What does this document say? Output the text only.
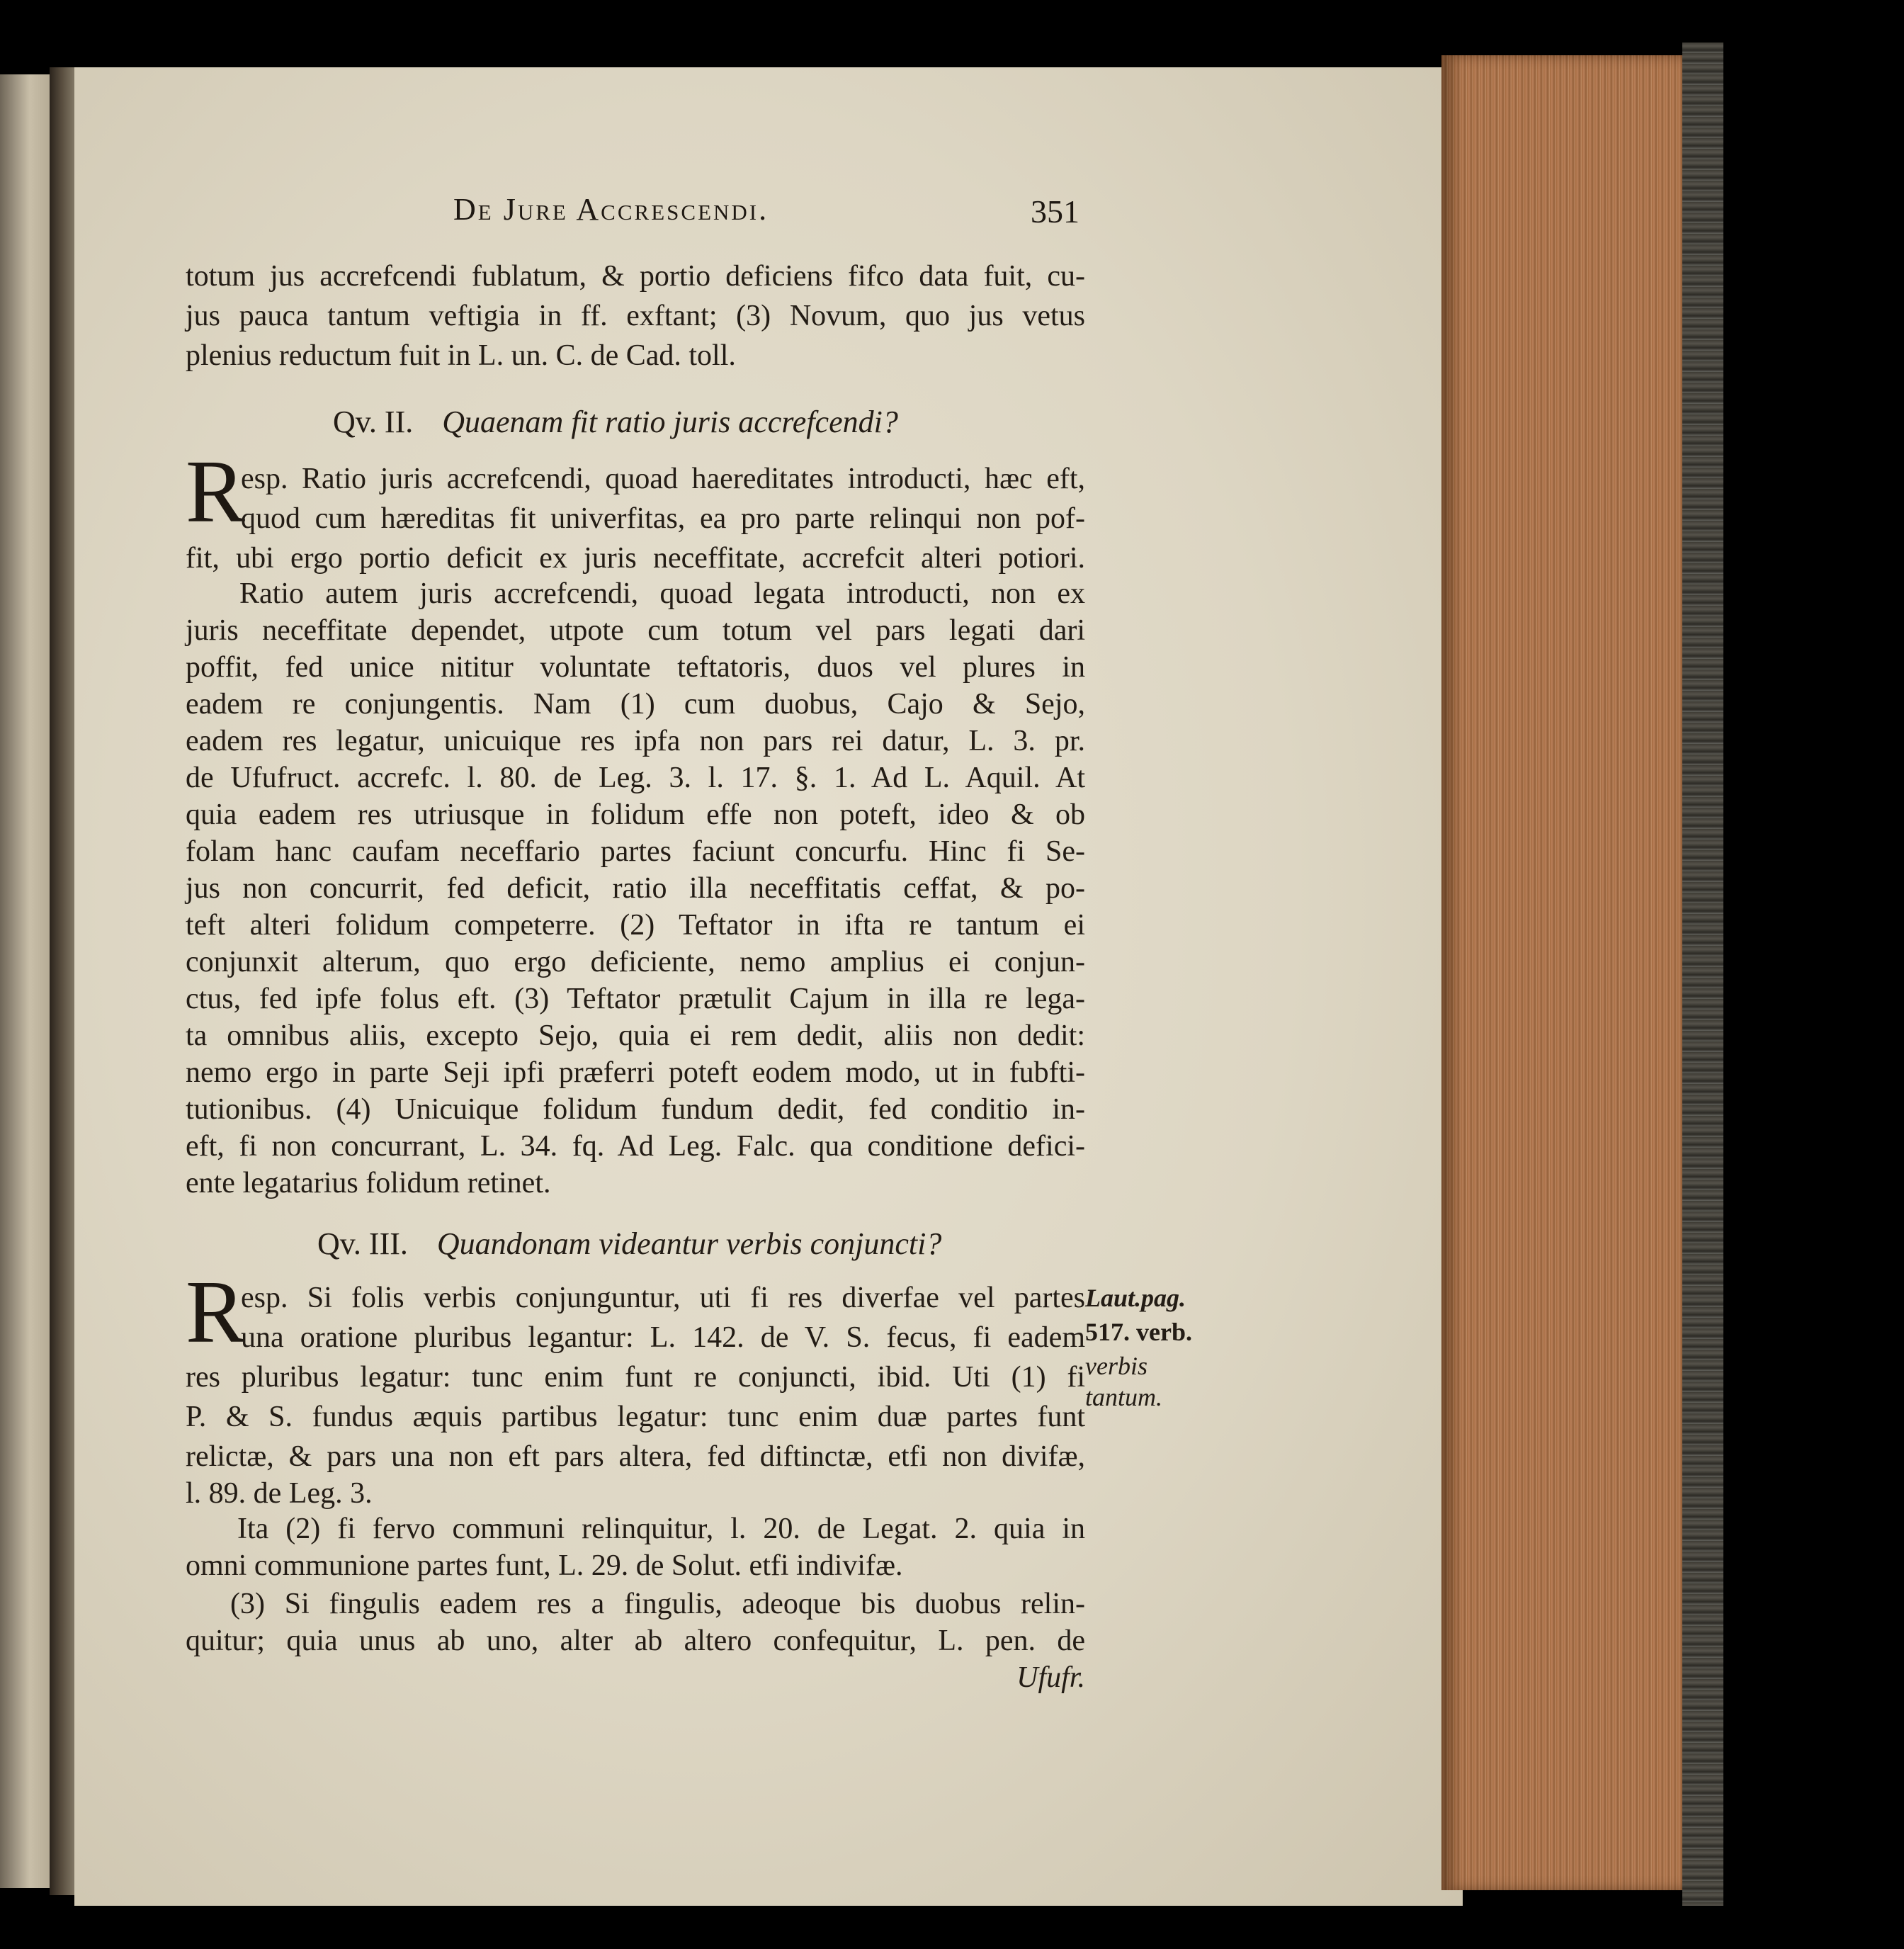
De Jure Accrescendi.	351
totum jus accrefcendi fublatum, & portio deficiens fifco data fuit, cu-
jus pauca tantum veftigia in ff. exftant; (3) Novum, quo jus vetus
plenius reductum fuit in L. un. C. de Cad. toll.
Qv. II. Quaenam fit ratio juris accrefcendi?
R
esp. Ratio juris accrefcendi, quoad haereditates introducti, hæc eft,
quod cum hæreditas fit univerfitas, ea pro parte relinqui non pof-
fit, ubi ergo portio deficit ex juris neceffitate, accrefcit alteri potiori.
Ratio autem juris accrefcendi, quoad legata introducti, non ex
juris neceffitate dependet, utpote cum totum vel pars legati dari
poffit, fed unice nititur voluntate teftatoris, duos vel plures in
eadem re conjungentis. Nam (1) cum duobus, Cajo & Sejo,
eadem res legatur, unicuique res ipfa non pars rei datur, L. 3. pr.
de Ufufruct. accrefc. l. 80. de Leg. 3. l. 17. §. 1. Ad L. Aquil. At
quia eadem res utriusque in folidum effe non poteft, ideo & ob
folam hanc caufam neceffario partes faciunt concurfu. Hinc fi Se-
jus non concurrit, fed deficit, ratio illa neceffitatis ceffat, & po-
teft alteri folidum competerre. (2) Teftator in ifta re tantum ei
conjunxit alterum, quo ergo deficiente, nemo amplius ei conjun-
ctus, fed ipfe folus eft. (3) Teftator prætulit Cajum in illa re lega-
ta omnibus aliis, excepto Sejo, quia ei rem dedit, aliis non dedit:
nemo ergo in parte Seji ipfi præferri poteft eodem modo, ut in fubfti-
tutionibus. (4) Unicuique folidum fundum dedit, fed conditio in-
eft, fi non concurrant, L. 34. fq. Ad Leg. Falc. qua conditione defici-
ente legatarius folidum retinet.
Qv. III. Quandonam videantur verbis conjuncti?
R
esp. Si folis verbis conjunguntur, uti fi res diverfae vel partes
una oratione pluribus legantur: L. 142. de V. S. fecus, fi eadem
res pluribus legatur: tunc enim funt re conjuncti, ibid. Uti (1) fi
P. & S. fundus æquis partibus legatur: tunc enim duæ partes funt
relictæ, & pars una non eft pars altera, fed diftinctæ, etfi non divifæ,
l. 89. de Leg. 3.
Ita (2) fi fervo communi relinquitur, l. 20. de Legat. 2. quia in
omni communione partes funt, L. 29. de Solut. etfi indivifæ.
(3) Si fingulis eadem res a fingulis, adeoque bis duobus relin-
quitur; quia unus ab uno, alter ab altero confequitur, L. pen. de
Ufufr.
Laut.pag.
517. verb.
verbis
tantum.
